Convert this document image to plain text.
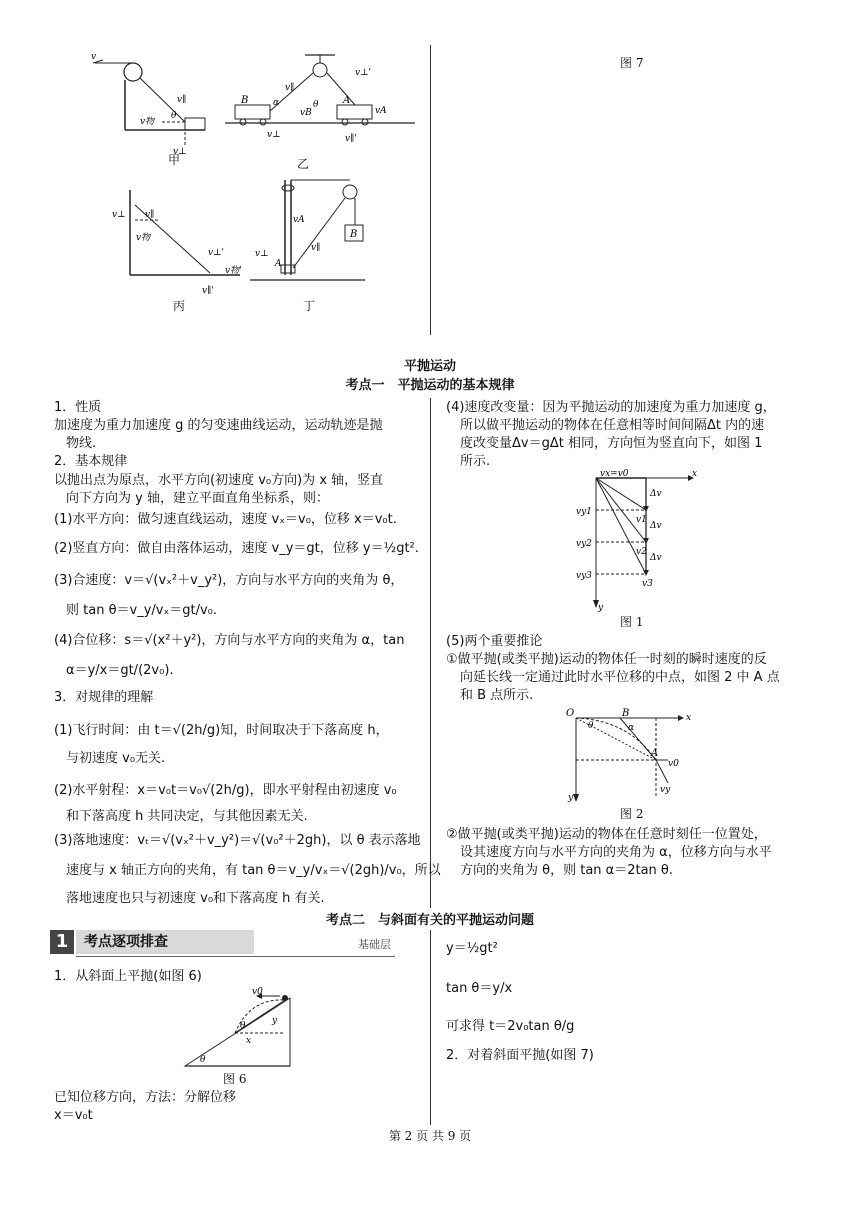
v
v∥
v物
θ
v⊥
甲
B	A
α	θ
v∥
vB
v⊥
v⊥'
vA
v∥'
乙
v⊥ v∥
v物
v⊥'
v物'
v∥'
丙
B
A
vA
v⊥
v∥
丁
图 7
平抛运动
考点一　平抛运动的基本规律
1．性质
加速度为重力加速度 g 的匀变速曲线运动，运动轨迹是抛
物线.
2．基本规律
以抛出点为原点，水平方向(初速度 v₀方向)为 x 轴，竖直
向下方向为 y 轴，建立平面直角坐标系，则：
(1)水平方向：做匀速直线运动，速度 vₓ＝v₀，位移 x＝v₀t.
(2)竖直方向：做自由落体运动，速度 v_y＝gt，位移 y＝½gt².
(3)合速度：v＝√(vₓ²＋v_y²)，方向与水平方向的夹角为 θ，
则 tan θ＝v_y/vₓ＝gt/v₀.
(4)合位移：s＝√(x²＋y²)，方向与水平方向的夹角为 α，tan
α＝y/x＝gt/(2v₀).
3．对规律的理解
(1)飞行时间：由 t＝√(2h/g)知，时间取决于下落高度 h，
与初速度 v₀无关.
(2)水平射程：x＝v₀t＝v₀√(2h/g)，即水平射程由初速度 v₀
和下落高度 h 共同决定，与其他因素无关.
(3)落地速度：vₜ＝√(vₓ²＋v_y²)＝√(v₀²＋2gh)，以 θ 表示落地
速度与 x 轴正方向的夹角，有 tan θ＝v_y/vₓ＝√(2gh)/v₀，所以
落地速度也只与初速度 v₀和下落高度 h 有关.
(4)速度改变量：因为平抛运动的加速度为重力加速度 g，
所以做平抛运动的物体在任意相等时间间隔Δt 内的速
度改变量Δv＝gΔt 相同，方向恒为竖直向下，如图 1
所示.
vx=v0	x
Δv
Δv
Δv
vy1
vy2
vy3
v1
v2
v3
y
图 1
(5)两个重要推论
①做平抛(或类平抛)运动的物体任一时刻的瞬时速度的反
向延长线一定通过此时水平位移的中点，如图 2 中 A 点
和 B 点所示.
O	B
A
α
θ
x
y
v0
vy
图 2
②做平抛(或类平抛)运动的物体在任意时刻任一位置处，
设其速度方向与水平方向的夹角为 α，位移方向与水平
方向的夹角为 θ，则 tan α＝2tan θ.
考点二　与斜面有关的平抛运动问题
1	考点逐项排查	基础层
1．从斜面上平抛(如图 6)
v0
y
x
θ
θ
图 6
已知位移方向，方法：分解位移
x＝v₀t
y＝½gt²
tan θ＝y/x
可求得 t＝2v₀tan θ/g
2．对着斜面平抛(如图 7)
第 2 页 共 9 页
